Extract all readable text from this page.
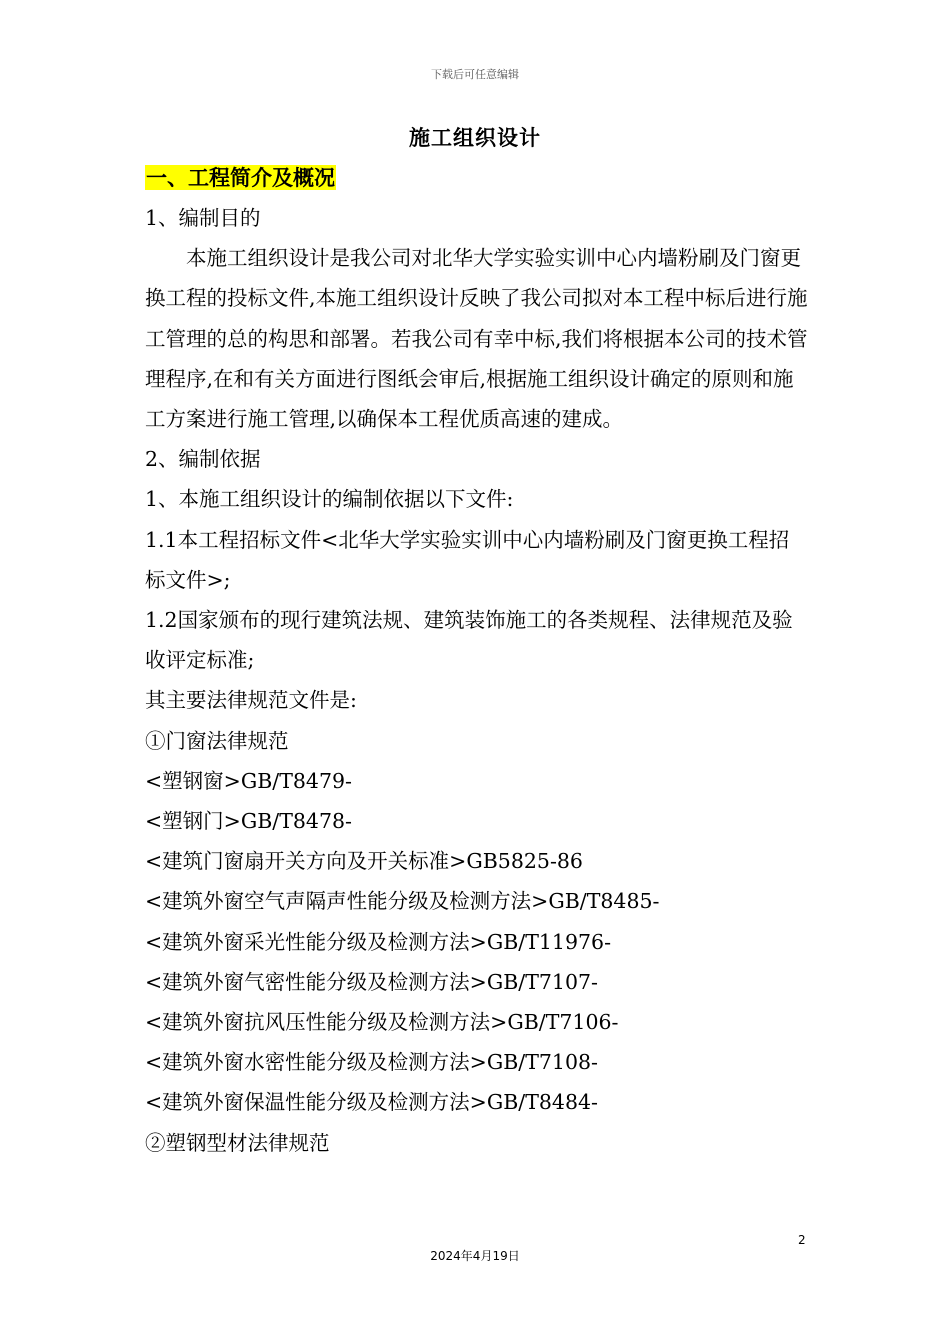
下载后可任意编辑
施工组织设计
一、工程简介及概况

1、编制目的

本施工组织设计是我公司对北华大学实验实训中心内墙粉刷及门窗更换工程的投标文件,本施工组织设计反映了我公司拟对本工程中标后进行施工管理的总的构思和部署。若我公司有幸中标,我们将根据本公司的技术管理程序,在和有关方面进行图纸会审后,根据施工组织设计确定的原则和施工方案进行施工管理,以确保本工程优质高速的建成。

2、编制依据

1、本施工组织设计的编制依据以下文件:

1.1本工程招标文件<北华大学实验实训中心内墙粉刷及门窗更换工程招标文件>;

1.2国家颁布的现行建筑法规、建筑装饰施工的各类规程、法律规范及验收评定标准;

其主要法律规范文件是:

①门窗法律规范

<塑钢窗>GB/T8479-

<塑钢门>GB/T8478-

<建筑门窗扇开关方向及开关标准>GB5825-86

<建筑外窗空气声隔声性能分级及检测方法>GB/T8485-

<建筑外窗采光性能分级及检测方法>GB/T11976-

<建筑外窗气密性能分级及检测方法>GB/T7107-

<建筑外窗抗风压性能分级及检测方法>GB/T7106-

<建筑外窗水密性能分级及检测方法>GB/T7108-

<建筑外窗保温性能分级及检测方法>GB/T8484-

②塑钢型材法律规范

2
2024年4月19日
